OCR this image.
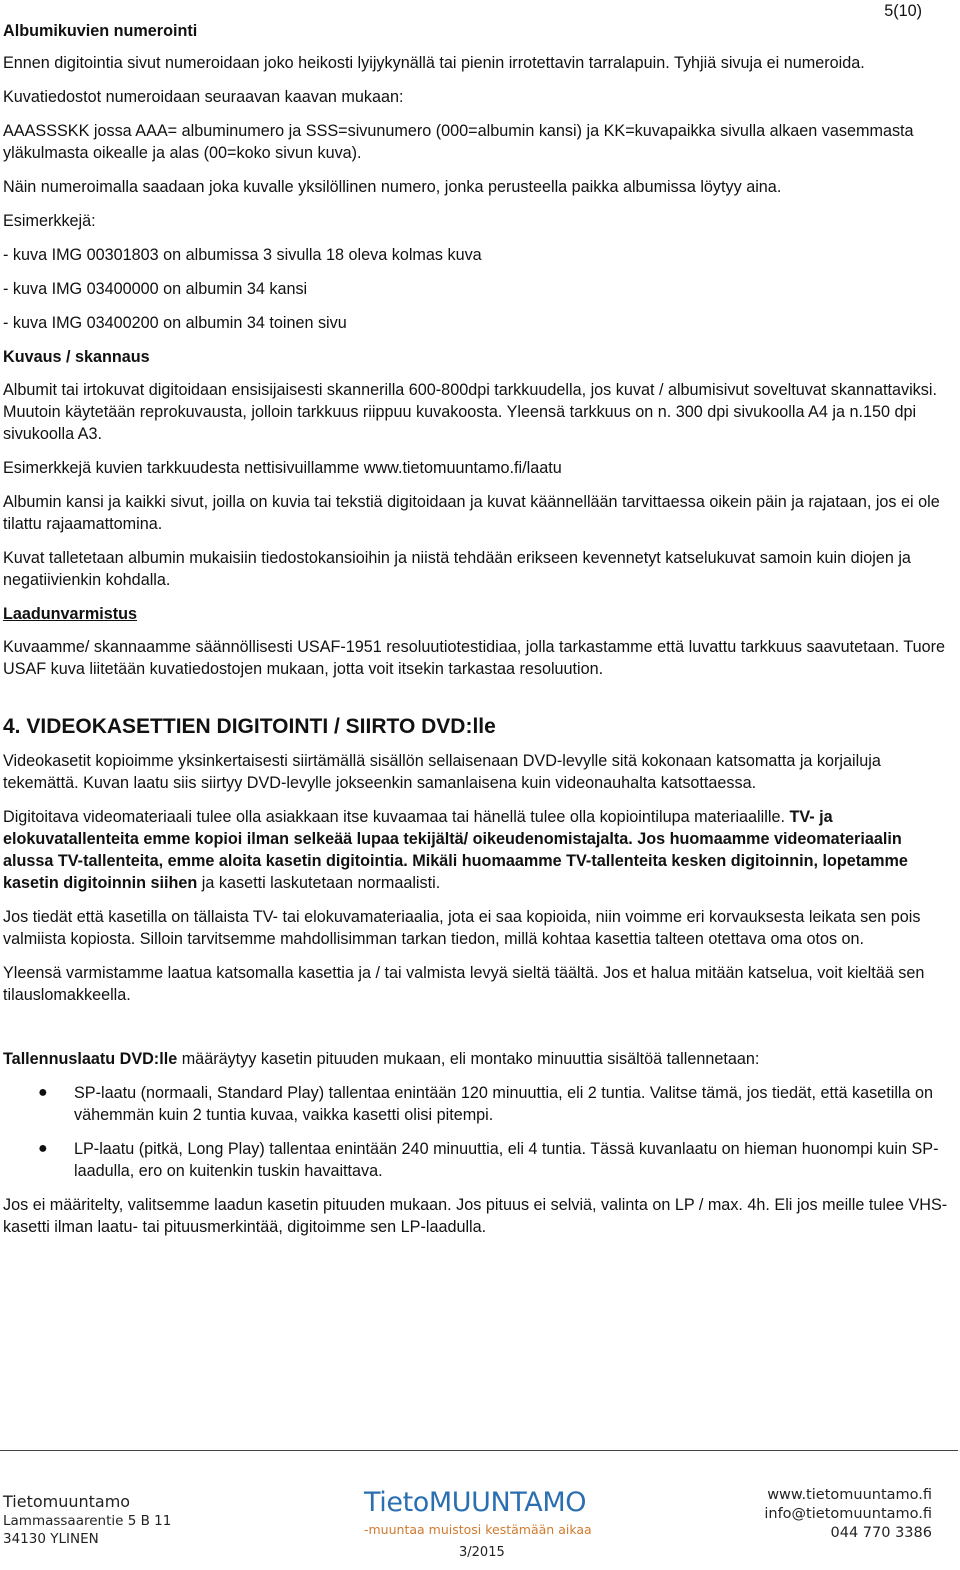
5(10)
Albumikuvien numerointi

Ennen digitointia sivut numeroidaan joko heikosti lyijykynällä tai pienin irrotettavin tarralapuin. Tyhjiä sivuja ei numeroida.

Kuvatiedostot numeroidaan seuraavan kaavan mukaan:

AAASSSKK jossa AAA= albuminumero ja SSS=sivunumero (000=albumin kansi) ja KK=kuvapaikka sivulla alkaen vasemmasta yläkulmasta oikealle ja alas (00=koko sivun kuva).

Näin numeroimalla saadaan joka kuvalle yksilöllinen numero, jonka perusteella paikka albumissa löytyy aina.

Esimerkkejä:

- kuva IMG 00301803 on albumissa 3 sivulla 18 oleva kolmas kuva

- kuva IMG 03400000 on albumin 34 kansi

- kuva IMG 03400200 on albumin 34 toinen sivu

Kuvaus / skannaus

Albumit tai irtokuvat digitoidaan ensisijaisesti skannerilla 600-800dpi tarkkuudella, jos kuvat / albumisivut soveltuvat skannattaviksi. Muutoin käytetään reprokuvausta, jolloin tarkkuus riippuu kuvakoosta. Yleensä tarkkuus on n. 300 dpi sivukoolla A4 ja n.150 dpi sivukoolla A3.

Esimerkkejä kuvien tarkkuudesta nettisivuillamme www.tietomuuntamo.fi/laatu

Albumin kansi ja kaikki sivut, joilla on kuvia tai tekstiä digitoidaan ja kuvat käännellään tarvittaessa oikein päin ja rajataan, jos ei ole tilattu rajaamattomina.

Kuvat talletetaan albumin mukaisiin tiedostokansioihin ja niistä tehdään erikseen kevennetyt katselukuvat samoin kuin diojen ja negatiivienkin kohdalla.

Laadunvarmistus

Kuvaamme/ skannaamme säännöllisesti USAF-1951 resoluutiotestidiaa, jolla tarkastamme että luvattu tarkkuus saavutetaan. Tuore USAF kuva liitetään kuvatiedostojen mukaan, jotta voit itsekin tarkastaa resoluution.

4. VIDEOKASETTIEN DIGITOINTI / SIIRTO DVD:lle

Videokasetit kopioimme yksinkertaisesti siirtämällä sisällön sellaisenaan DVD-levylle sitä kokonaan katsomatta ja korjailuja tekemättä. Kuvan laatu siis siirtyy DVD-levylle jokseenkin samanlaisena kuin videonauhalta katsottaessa.

Digitoitava videomateriaali tulee olla asiakkaan itse kuvaamaa tai hänellä tulee olla kopiointilupa materiaalille. TV- ja elokuvatallenteita emme kopioi ilman selkeää lupaa tekijältä/ oikeudenomistajalta. Jos huomaamme videomateriaalin alussa TV-tallenteita, emme aloita kasetin digitointia. Mikäli huomaamme TV-tallenteita kesken digitoinnin, lopetamme kasetin digitoinnin siihen ja kasetti laskutetaan normaalisti.

Jos tiedät että kasetilla on tällaista TV- tai elokuvamateriaalia, jota ei saa kopioida, niin voimme eri korvauksesta leikata sen pois valmiista kopiosta. Silloin tarvitsemme mahdollisimman tarkan tiedon, millä kohtaa kasettia talteen otettava oma otos on.

Yleensä varmistamme laatua katsomalla kasettia ja / tai valmista levyä sieltä täältä. Jos et halua mitään katselua, voit kieltää sen tilauslomakkeella.

Tallennuslaatu DVD:lle määräytyy kasetin pituuden mukaan, eli montako minuuttia sisältöä tallennetaan:

● SP-laatu (normaali, Standard Play) tallentaa enintään 120 minuuttia, eli 2 tuntia. Valitse tämä, jos tiedät, että kasetilla on vähemmän kuin 2 tuntia kuvaa, vaikka kasetti olisi pitempi.
● LP-laatu (pitkä, Long Play) tallentaa enintään 240 minuuttia, eli 4 tuntia. Tässä kuvanlaatu on hieman huonompi kuin SP-laadulla, ero on kuitenkin tuskin havaittava.

Jos ei määritelty, valitsemme laadun kasetin pituuden mukaan. Jos pituus ei selviä, valinta on LP / max. 4h. Eli jos meille tulee VHS-kasetti ilman laatu- tai pituusmerkintää, digitoimme sen LP-laadulla.

Tietomuuntamo
Lammassaarentie 5 B 11
34130 YLINEN
TietoMUUNTAMO
-muuntaa muistosi kestämään aikaa
3/2015
www.tietomuuntamo.fi
info@tietomuuntamo.fi
044 770 3386
